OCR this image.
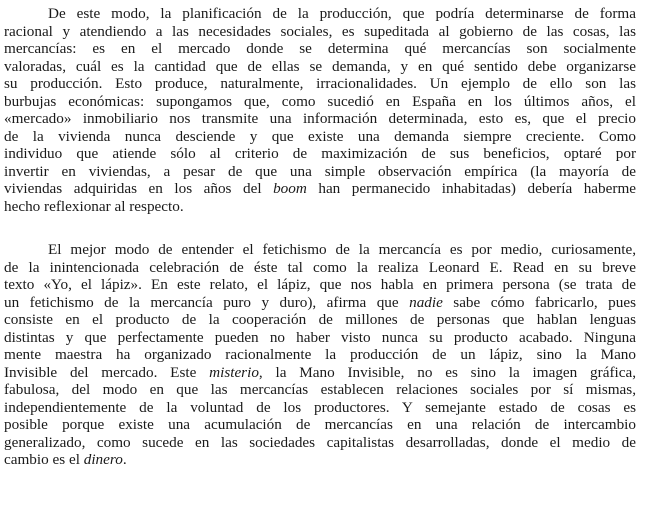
De este modo, la planificación de la producción, que podría determinarse de forma
racional y atendiendo a las necesidades sociales, es supeditada al gobierno de las cosas, las
mercancías: es en el mercado donde se determina qué mercancías son socialmente
valoradas, cuál es la cantidad que de ellas se demanda, y en qué sentido debe organizarse
su producción. Esto produce, naturalmente, irracionalidades. Un ejemplo de ello son las
burbujas económicas: supongamos que, como sucedió en España en los últimos años, el
«mercado» inmobiliario nos transmite una información determinada, esto es, que el precio
de la vivienda nunca desciende y que existe una demanda siempre creciente. Como
individuo que atiende sólo al criterio de maximización de sus beneficios, optaré por
invertir en viviendas, a pesar de que una simple observación empírica (la mayoría de
viviendas adquiridas en los años del boom han permanecido inhabitadas) debería haberme
hecho reflexionar al respecto.
El mejor modo de entender el fetichismo de la mercancía es por medio, curiosamente,
de la inintencionada celebración de éste tal como la realiza Leonard E. Read en su breve
texto «Yo, el lápiz». En este relato, el lápiz, que nos habla en primera persona (se trata de
un fetichismo de la mercancía puro y duro), afirma que nadie sabe cómo fabricarlo, pues
consiste en el producto de la cooperación de millones de personas que hablan lenguas
distintas y que perfectamente pueden no haber visto nunca su producto acabado. Ninguna
mente maestra ha organizado racionalmente la producción de un lápiz, sino la Mano
Invisible del mercado. Este misterio, la Mano Invisible, no es sino la imagen gráfica,
fabulosa, del modo en que las mercancías establecen relaciones sociales por sí mismas,
independientemente de la voluntad de los productores. Y semejante estado de cosas es
posible porque existe una acumulación de mercancías en una relación de intercambio
generalizado, como sucede en las sociedades capitalistas desarrolladas, donde el medio de
cambio es el dinero.
